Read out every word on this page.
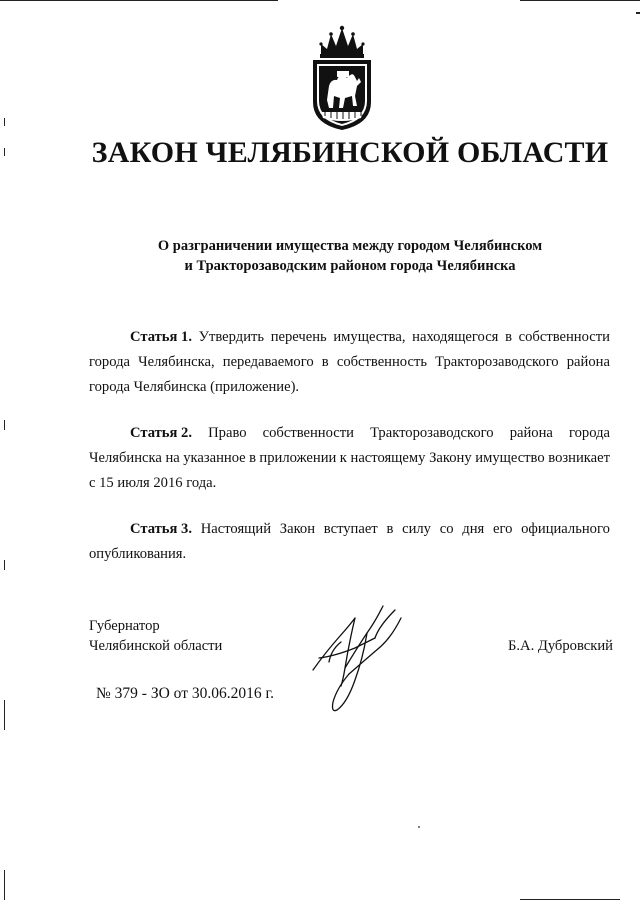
ЗАКОН ЧЕЛЯБИНСКОЙ ОБЛАСТИ
О разграничении имущества между городом Челябинском
и Тракторозаводским районом города Челябинска
Статья 1. Утвердить перечень имущества, находящегося в собственности
города Челябинска, передаваемого в собственность Тракторозаводского района
города Челябинска (приложение).
Статья 2. Право собственности Тракторозаводского района города
Челябинска на указанное в приложении к настоящему Закону имущество возникает
с 15 июля 2016 года.
Статья 3. Настоящий Закон вступает в силу со дня его официального
опубликования.
Губернатор
Челябинской области	Б.А. Дубровский
№ 379 - ЗО от 30.06.2016 г.
